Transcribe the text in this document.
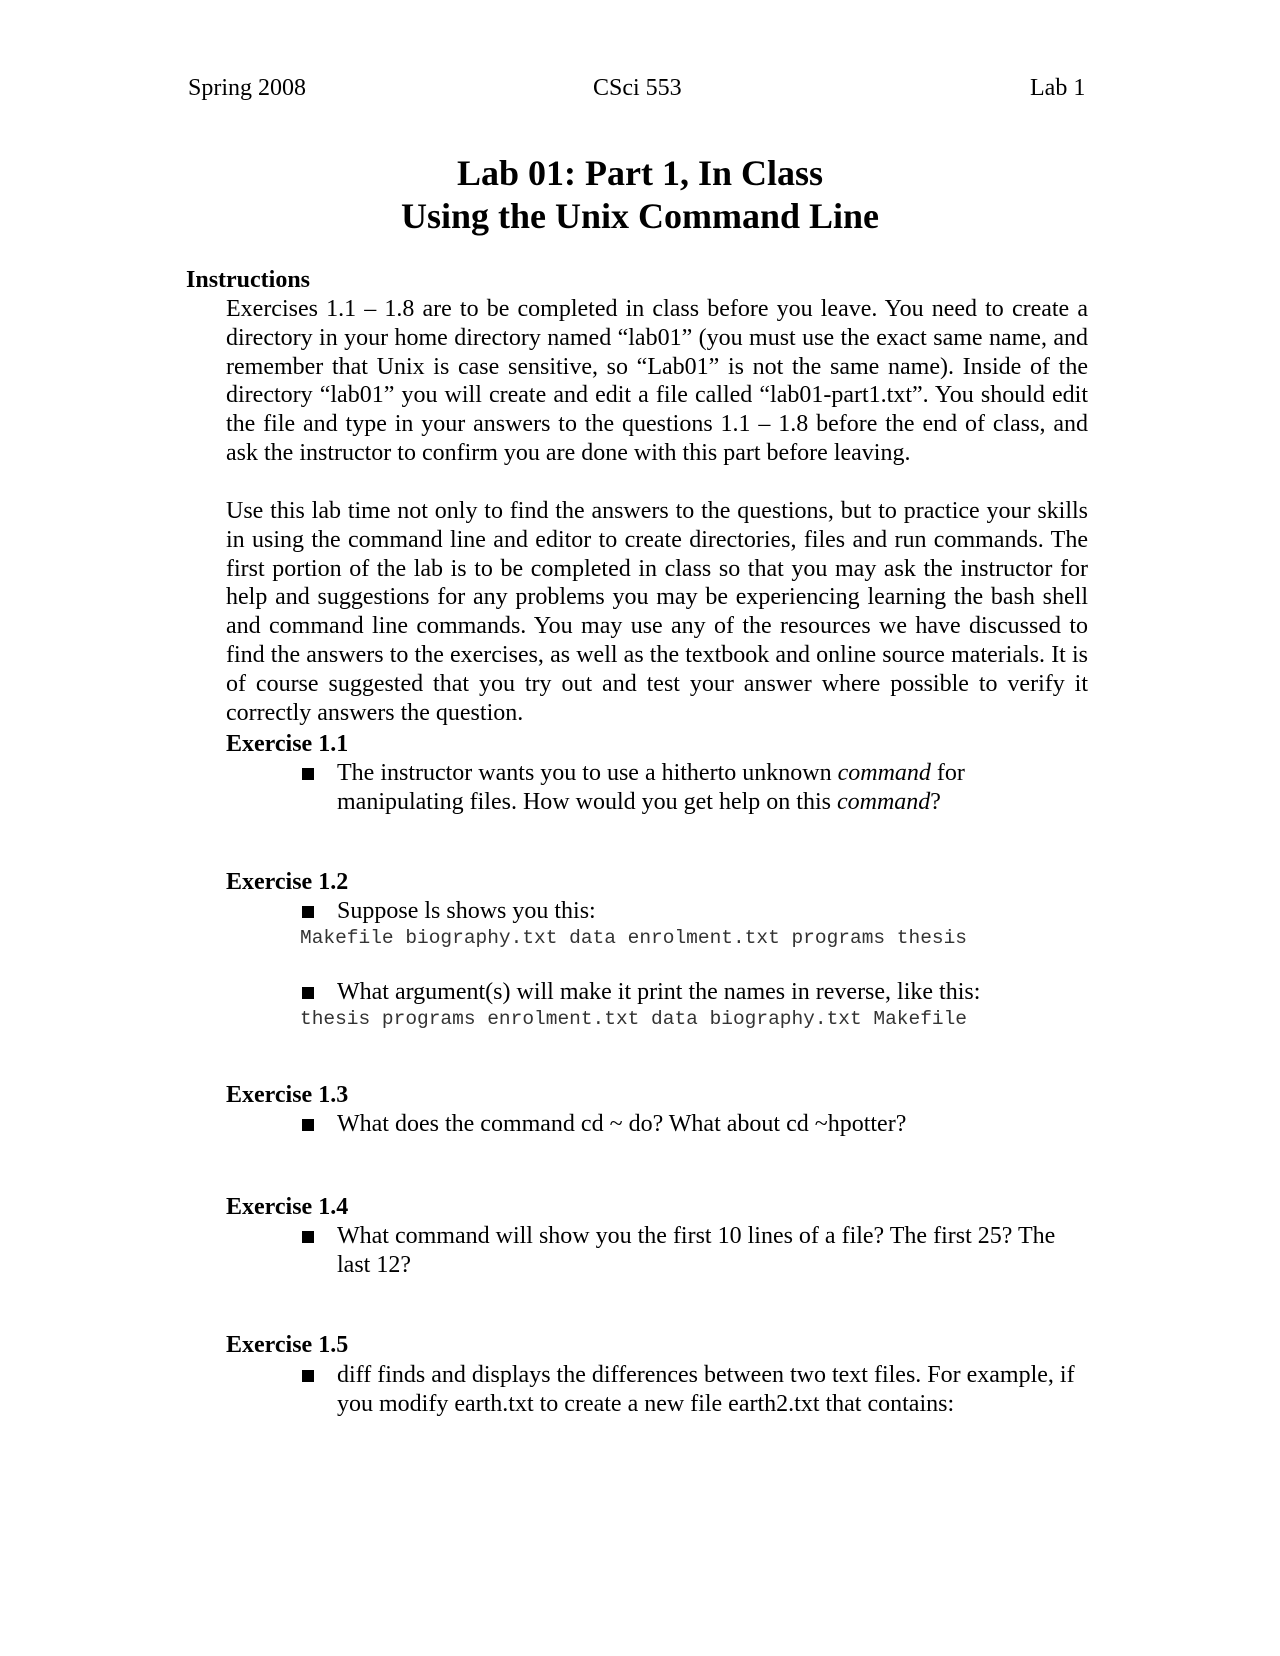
Spring 2008	CSci 553	Lab 1
Lab 01: Part 1, In Class
Using the Unix Command Line
Instructions

Exercises 1.1 – 1.8 are to be completed in class before you leave. You need to create a directory in your home directory named “lab01” (you must use the exact same name, and remember that Unix is case sensitive, so “Lab01” is not the same name). Inside of the directory “lab01” you will create and edit a file called “lab01-part1.txt”. You should edit the file and type in your answers to the questions 1.1 – 1.8 before the end of class, and ask the instructor to confirm you are done with this part before leaving.

Use this lab time not only to find the answers to the questions, but to practice your skills in using the command line and editor to create directories, files and run commands. The first portion of the lab is to be completed in class so that you may ask the instructor for help and suggestions for any problems you may be experiencing learning the bash shell and command line commands. You may use any of the resources we have discussed to find the answers to the exercises, as well as the textbook and online source materials. It is of course suggested that you try out and test your answer where possible to verify it correctly answers the question.

Exercise 1.1
The instructor wants you to use a hitherto unknown command for manipulating files. How would you get help on this command?
Exercise 1.2
Suppose ls shows you this:
Makefile biography.txt data enrolment.txt programs thesis
What argument(s) will make it print the names in reverse, like this:
thesis programs enrolment.txt data biography.txt Makefile
Exercise 1.3
What does the command cd ~ do? What about cd ~hpotter?
Exercise 1.4
What command will show you the first 10 lines of a file? The first 25? The last 12?
Exercise 1.5
diff finds and displays the differences between two text files. For example, if you modify earth.txt to create a new file earth2.txt that contains:
